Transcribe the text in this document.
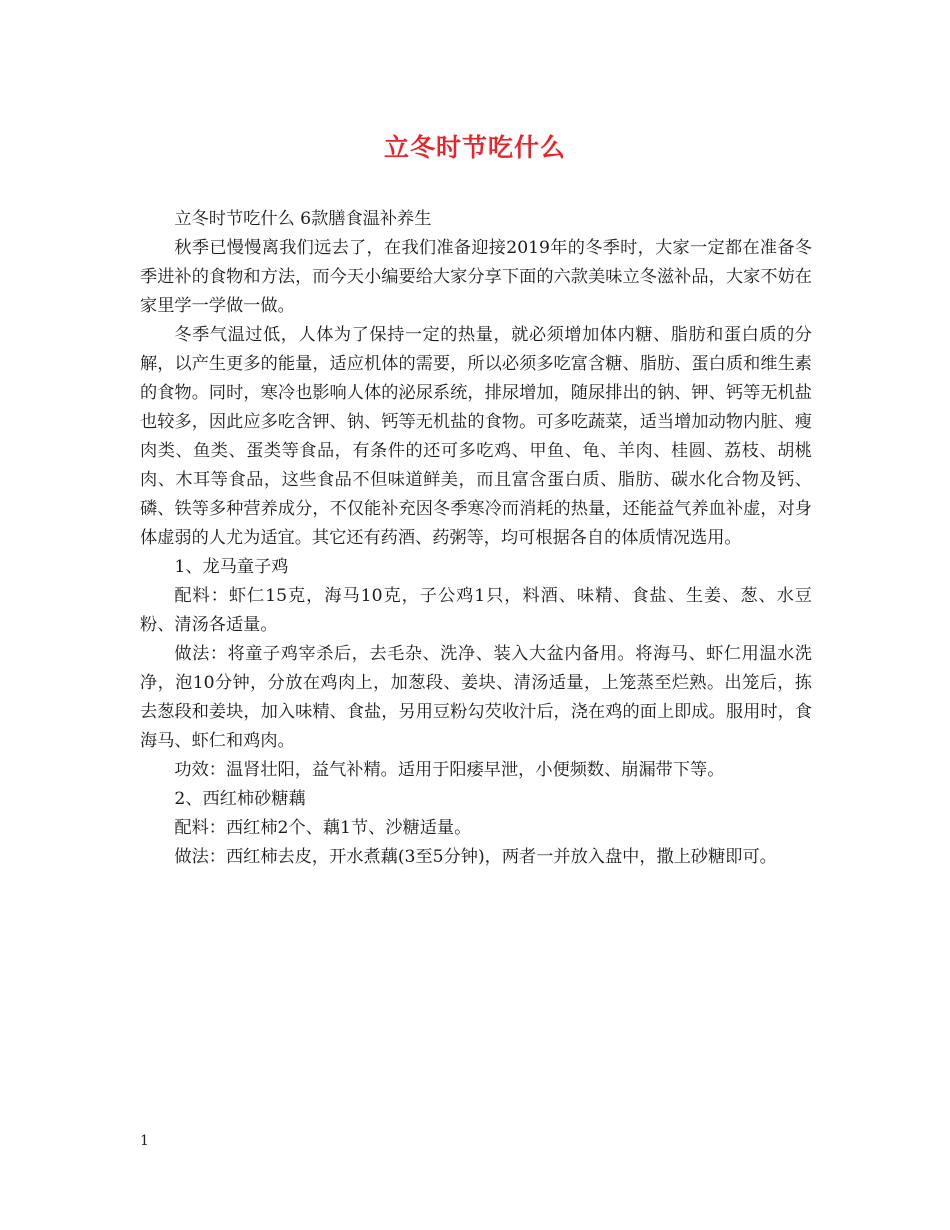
立冬时节吃什么

立冬时节吃什么 6款膳食温补养生

秋季已慢慢离我们远去了，在我们准备迎接2019年的冬季时，大家一定都在准备冬季进补的食物和方法，而今天小编要给大家分享下面的六款美味立冬滋补品，大家不妨在家里学一学做一做。

冬季气温过低，人体为了保持一定的热量，就必须增加体内糖、脂肪和蛋白质的分解，以产生更多的能量，适应机体的需要，所以必须多吃富含糖、脂肪、蛋白质和维生素的食物。同时，寒冷也影响人体的泌尿系统，排尿增加，随尿排出的钠、钾、钙等无机盐也较多，因此应多吃含钾、钠、钙等无机盐的食物。可多吃蔬菜，适当增加动物内脏、瘦肉类、鱼类、蛋类等食品，有条件的还可多吃鸡、甲鱼、龟、羊肉、桂圆、荔枝、胡桃肉、木耳等食品，这些食品不但味道鲜美，而且富含蛋白质、脂肪、碳水化合物及钙、磷、铁等多种营养成分，不仅能补充因冬季寒冷而消耗的热量，还能益气养血补虚，对身体虚弱的人尤为适宜。其它还有药酒、药粥等，均可根据各自的体质情况选用。

1、龙马童子鸡

配料：虾仁15克，海马10克，子公鸡1只，料酒、味精、食盐、生姜、葱、水豆粉、清汤各适量。

做法：将童子鸡宰杀后，去毛杂、洗净、装入大盆内备用。将海马、虾仁用温水洗净，泡10分钟，分放在鸡肉上，加葱段、姜块、清汤适量，上笼蒸至烂熟。出笼后，拣去葱段和姜块，加入味精、食盐，另用豆粉勾芡收汁后，浇在鸡的面上即成。服用时，食海马、虾仁和鸡肉。

功效：温肾壮阳，益气补精。适用于阳痿早泄，小便频数、崩漏带下等。

2、西红柿砂糖藕

配料：西红柿2个、藕1节、沙糖适量。

做法：西红柿去皮，开水煮藕(3至5分钟)，两者一并放入盘中，撒上砂糖即可。

1
